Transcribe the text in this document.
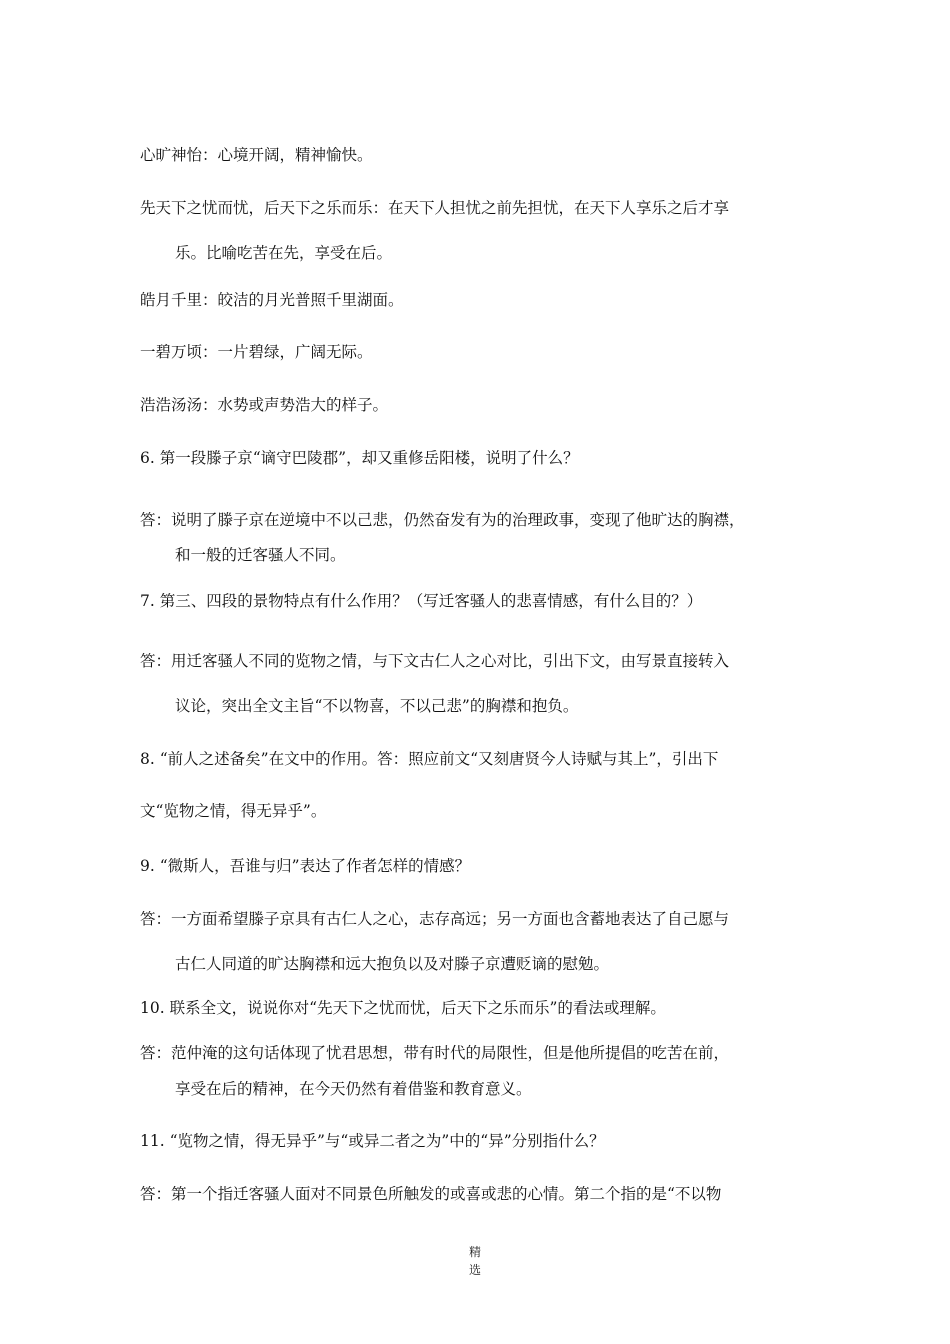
心旷神怡：心境开阔，精神愉快。

先天下之忧而忧，后天下之乐而乐：在天下人担忧之前先担忧，在天下人享乐之后才享

乐。比喻吃苦在先，享受在后。

皓月千里：皎洁的月光普照千里湖面。

一碧万顷：一片碧绿，广阔无际。

浩浩汤汤：水势或声势浩大的样子。

6. 第一段滕子京“谪守巴陵郡”，却又重修岳阳楼，说明了什么？

答：说明了滕子京在逆境中不以己悲，仍然奋发有为的治理政事，变现了他旷达的胸襟，

和一般的迁客骚人不同。

7. 第三、四段的景物特点有什么作用？（写迁客骚人的悲喜情感，有什么目的？）

答：用迁客骚人不同的览物之情，与下文古仁人之心对比，引出下文，由写景直接转入

议论，突出全文主旨“不以物喜，不以己悲”的胸襟和抱负。

8. “前人之述备矣”在文中的作用。答：照应前文“又刻唐贤今人诗赋与其上”，引出下

文“览物之情，得无异乎”。

9. “微斯人，吾谁与归”表达了作者怎样的情感？

答：一方面希望滕子京具有古仁人之心，志存高远；另一方面也含蓄地表达了自己愿与

古仁人同道的旷达胸襟和远大抱负以及对滕子京遭贬谪的慰勉。

10. 联系全文，说说你对“先天下之忧而忧，后天下之乐而乐”的看法或理解。

答：范仲淹的这句话体现了忧君思想，带有时代的局限性，但是他所提倡的吃苦在前，

享受在后的精神，在今天仍然有着借鉴和教育意义。

11. “览物之情，得无异乎”与“或异二者之为”中的“异”分别指什么？

答：第一个指迁客骚人面对不同景色所触发的或喜或悲的心情。第二个指的是“不以物

精
选
